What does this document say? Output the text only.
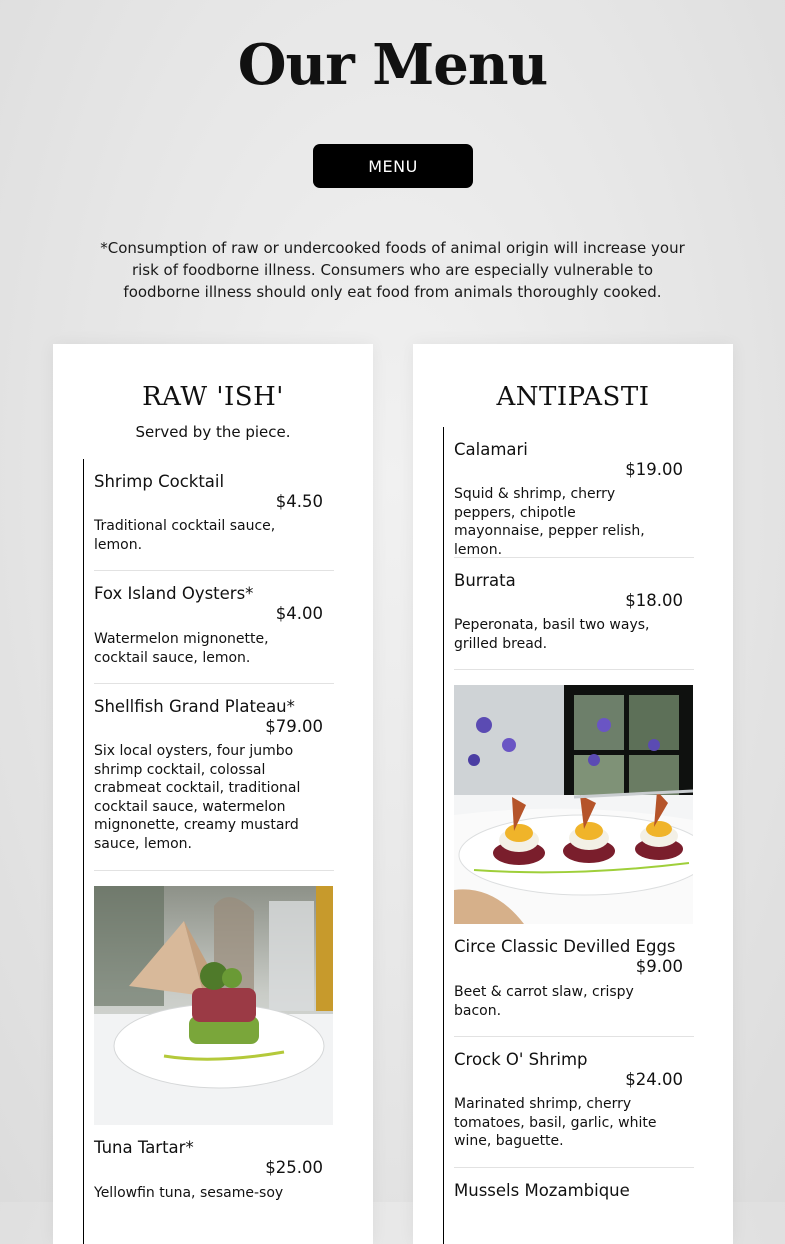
Our Menu
MENU
*Consumption of raw or undercooked foods of animal origin will increase your risk of foodborne illness. Consumers who are especially vulnerable to foodborne illness should only eat food from animals thoroughly cooked.
RAW 'ISH'
Served by the piece.
Shrimp Cocktail
$4.50
Traditional cocktail sauce, lemon.
Fox Island Oysters*
$4.00
Watermelon mignonette, cocktail sauce, lemon.
Shellfish Grand Plateau*
$79.00
Six local oysters, four jumbo shrimp cocktail, colossal crabmeat cocktail, traditional cocktail sauce, watermelon mignonette, creamy mustard sauce, lemon.
Tuna Tartar*
$25.00
Yellowfin tuna, sesame-soy
ANTIPASTI
Calamari
$19.00
Squid & shrimp, cherry peppers, chipotle mayonnaise, pepper relish, lemon.
Burrata
$18.00
Peperonata, basil two ways, grilled bread.
Circe Classic Devilled Eggs
$9.00
Beet & carrot slaw, crispy bacon.
Crock O' Shrimp
$24.00
Marinated shrimp, cherry tomatoes, basil, garlic, white wine, baguette.
Mussels Mozambique
